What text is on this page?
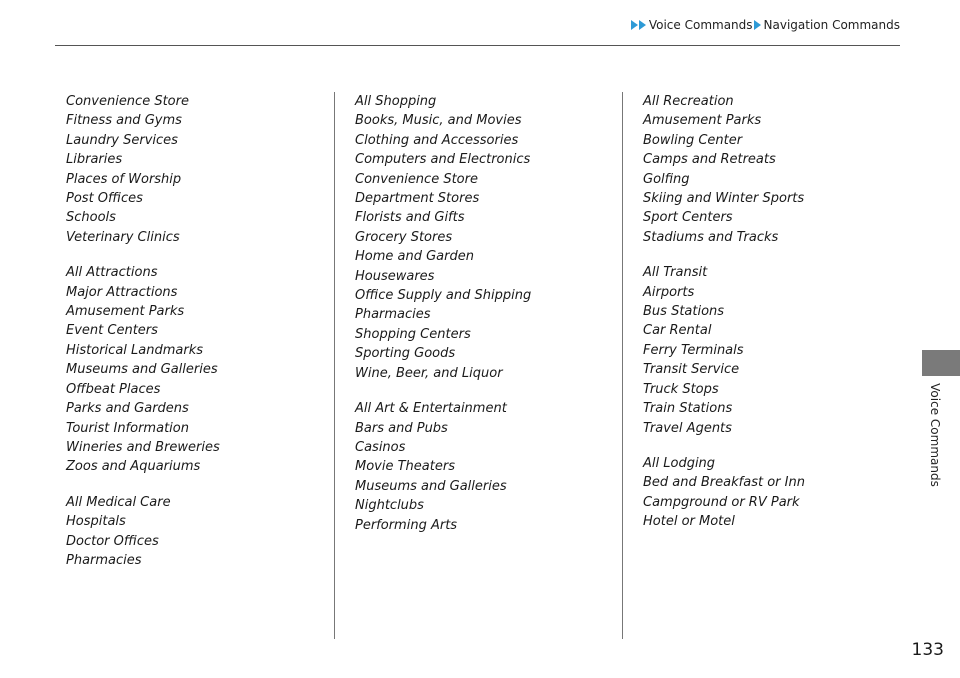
Voice Commands Navigation Commands
Convenience Store
Fitness and Gyms
Laundry Services
Libraries
Places of Worship
Post Offices
Schools
Veterinary Clinics
All Attractions
Major Attractions
Amusement Parks
Event Centers
Historical Landmarks
Museums and Galleries
Offbeat Places
Parks and Gardens
Tourist Information
Wineries and Breweries
Zoos and Aquariums
All Medical Care
Hospitals
Doctor Offices
Pharmacies
All Shopping
Books, Music, and Movies
Clothing and Accessories
Computers and Electronics
Convenience Store
Department Stores
Florists and Gifts
Grocery Stores
Home and Garden
Housewares
Office Supply and Shipping
Pharmacies
Shopping Centers
Sporting Goods
Wine, Beer, and Liquor
All Art & Entertainment
Bars and Pubs
Casinos
Movie Theaters
Museums and Galleries
Nightclubs
Performing Arts
All Recreation
Amusement Parks
Bowling Center
Camps and Retreats
Golfing
Skiing and Winter Sports
Sport Centers
Stadiums and Tracks
All Transit
Airports
Bus Stations
Car Rental
Ferry Terminals
Transit Service
Truck Stops
Train Stations
Travel Agents
All Lodging
Bed and Breakfast or Inn
Campground or RV Park
Hotel or Motel
Voice Commands
133
